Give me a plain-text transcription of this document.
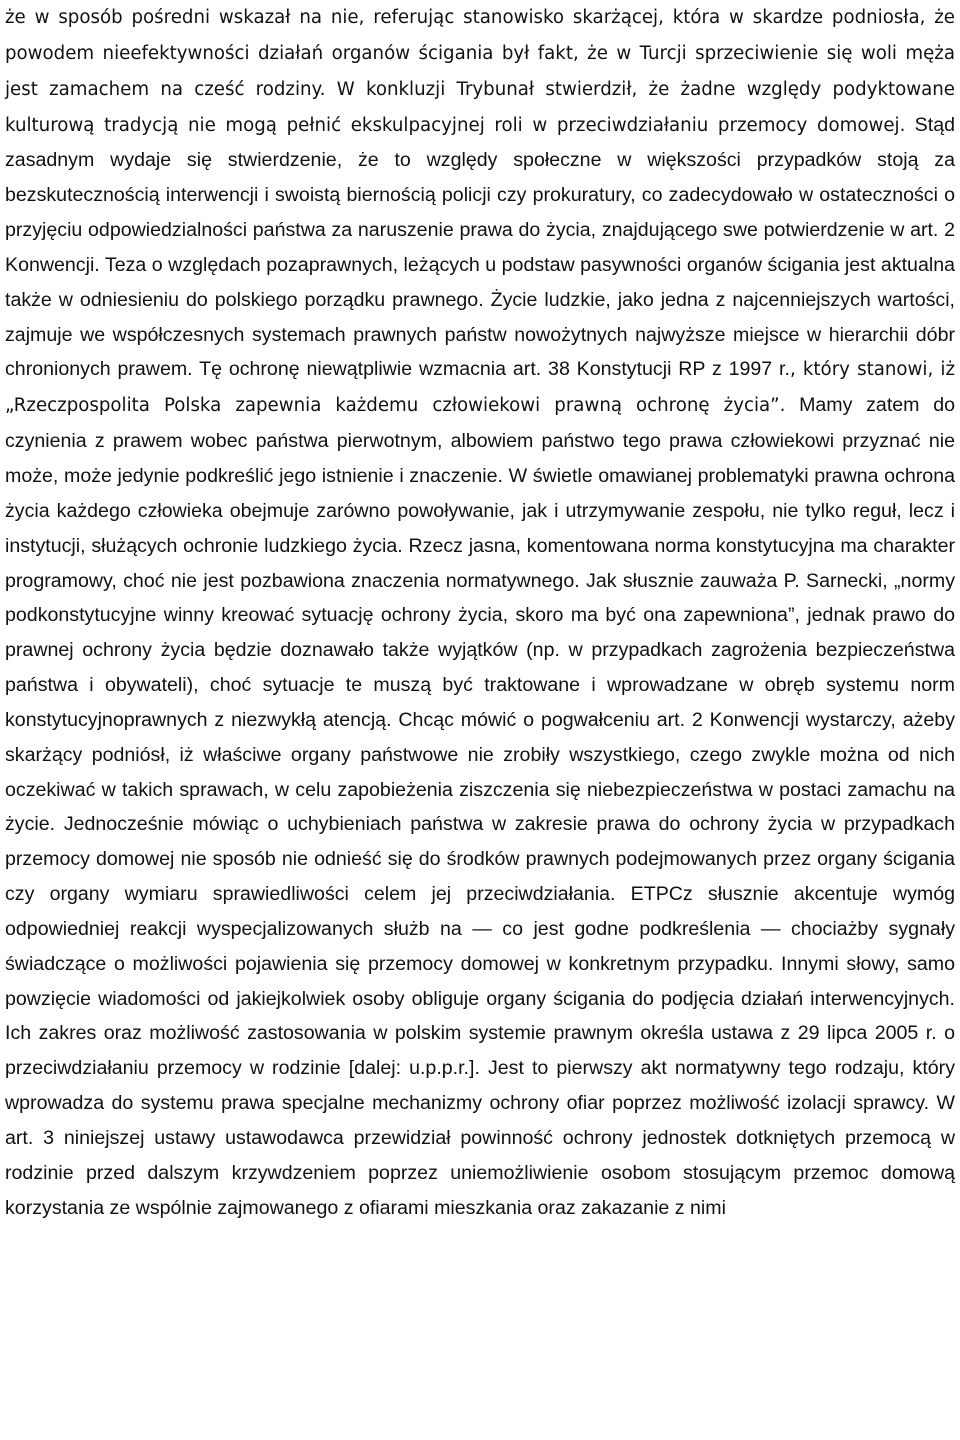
że w sposób pośredni wskazał na nie, referując stanowisko skarżącej, która w skardze podniosła, że powodem nieefektywności działań organów ścigania był fakt, że w Turcji sprzeciwienie się woli męża jest zamachem na cześć rodziny. W konkluzji Trybunał stwierdził, że żadne względy podyktowane kulturową tradycją nie mogą pełnić ekskulpacyjnej roli w przeciwdziałaniu przemocy domowej. Stąd zasadnym wydaje się stwierdzenie, że to względy społeczne w większości przypadków stoją za bezskutecznością interwencji i swoistą biernością policji czy prokuratury, co zadecydowało w ostateczności o przyjęciu odpowiedzialności państwa za naruszenie prawa do życia, znajdującego swe potwierdzenie w art. 2 Konwencji. Teza o względach pozaprawnych, leżących u podstaw pasywności organów ścigania jest aktualna także w odniesieniu do polskiego porządku prawnego. Życie ludzkie, jako jedna z najcenniejszych wartości, zajmuje we współczesnych systemach prawnych państw nowożytnych najwyższe miejsce w hierarchii dóbr chronionych prawem. Tę ochronę niewątpliwie wzmacnia art. 38 Konstytucji RP z 1997 r., który stanowi, iż „Rzeczpospolita Polska zapewnia każdemu człowiekowi prawną ochronę życia”. Mamy zatem do czynienia z prawem wobec państwa pierwotnym, albowiem państwo tego prawa człowiekowi przyznać nie może, może jedynie podkreślić jego istnienie i znaczenie. W świetle omawianej problematyki prawna ochrona życia każdego człowieka obejmuje zarówno powoływanie, jak i utrzymywanie zespołu, nie tylko reguł, lecz i instytucji, służących ochronie ludzkiego życia. Rzecz jasna, komentowana norma konstytucyjna ma charakter programowy, choć nie jest pozbawiona znaczenia normatywnego. Jak słusznie zauważa P. Sarnecki, „normy podkonstytucyjne winny kreować sytuację ochrony życia, skoro ma być ona zapewniona”, jednak prawo do prawnej ochrony życia będzie doznawało także wyjątków (np. w przypadkach zagrożenia bezpieczeństwa państwa i obywateli), choć sytuacje te muszą być traktowane i wprowadzane w obręb systemu norm konstytucyjnoprawnych z niezwykłą atencją. Chcąc mówić o pogwałceniu art. 2 Konwencji wystarczy, ażeby skarżący podniósł, iż właściwe organy państwowe nie zrobiły wszystkiego, czego zwykle można od nich oczekiwać w takich sprawach, w celu zapobieżenia ziszczenia się niebezpieczeństwa w postaci zamachu na życie. Jednocześnie mówiąc o uchybieniach państwa w zakresie prawa do ochrony życia w przypadkach przemocy domowej nie sposób nie odnieść się do środków prawnych podejmowanych przez organy ścigania czy organy wymiaru sprawiedliwości celem jej przeciwdziałania. ETPCz słusznie akcentuje wymóg odpowiedniej reakcji wyspecjalizowanych służb na — co jest godne podkreślenia — chociażby sygnały świadczące o możliwości pojawienia się przemocy domowej w konkretnym przypadku. Innymi słowy, samo powzięcie wiadomości od jakiejkolwiek osoby obliguje organy ścigania do podjęcia działań interwencyjnych. Ich zakres oraz możliwość zastosowania w polskim systemie prawnym określa ustawa z 29 lipca 2005 r. o przeciwdziałaniu przemocy w rodzinie [dalej: u.p.p.r.]. Jest to pierwszy akt normatywny tego rodzaju, który wprowadza do systemu prawa specjalne mechanizmy ochrony ofiar poprzez możliwość izolacji sprawcy. W art. 3 niniejszej ustawy ustawodawca przewidział powinność ochrony jednostek dotkniętych przemocą w rodzinie przed dalszym krzywdzeniem poprzez uniemożliwienie osobom stosującym przemoc domową korzystania ze wspólnie zajmowanego z ofiarami mieszkania oraz zakazanie z nimi
